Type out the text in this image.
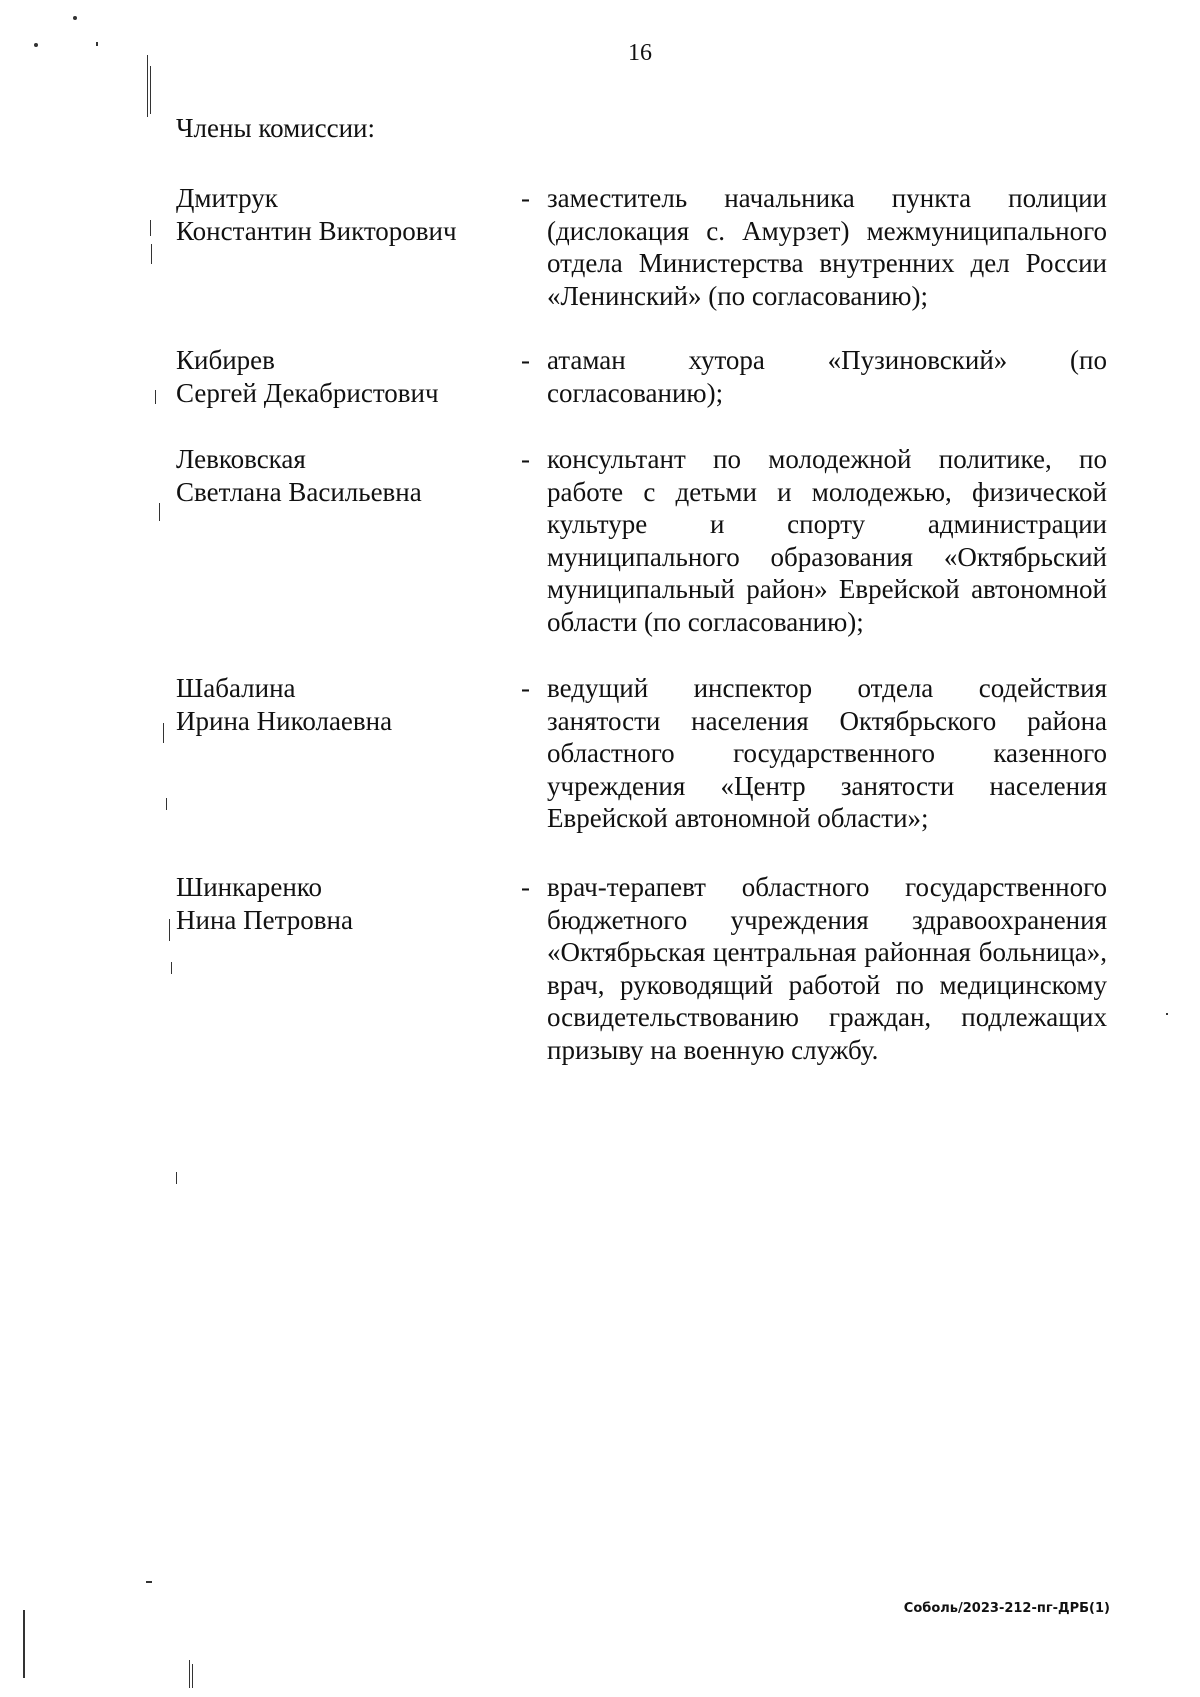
16
Члены комиссии:
Дмитрук
Константин Викторович
- заместитель начальника пункта полиции (дислокация с. Амурзет) межмуниципального отдела Министерства внутренних дел России «Ленинский» (по согласованию);
Кибирев
Сергей Декабристович
- атаман хутора «Пузиновский» (по согласованию);
Левковская
Светлана Васильевна
- консультант по молодежной политике, по работе с детьми и молодежью, физической культуре и спорту администрации муниципального образования «Октябрьский муниципальный район» Еврейской автономной области (по согласованию);
Шабалина
Ирина Николаевна
- ведущий инспектор отдела содействия занятости населения Октябрьского района областного государственного казенного учреждения «Центр занятости населения Еврейской автономной области»;
Шинкаренко
Нина Петровна
- врач-терапевт областного государственного бюджетного учреждения здравоохранения «Октябрьская центральная районная больница», врач, руководящий работой по медицинскому освидетельствованию граждан, подлежащих призыву на военную службу.
Соболь/2023-212-пг-ДРБ(1)
